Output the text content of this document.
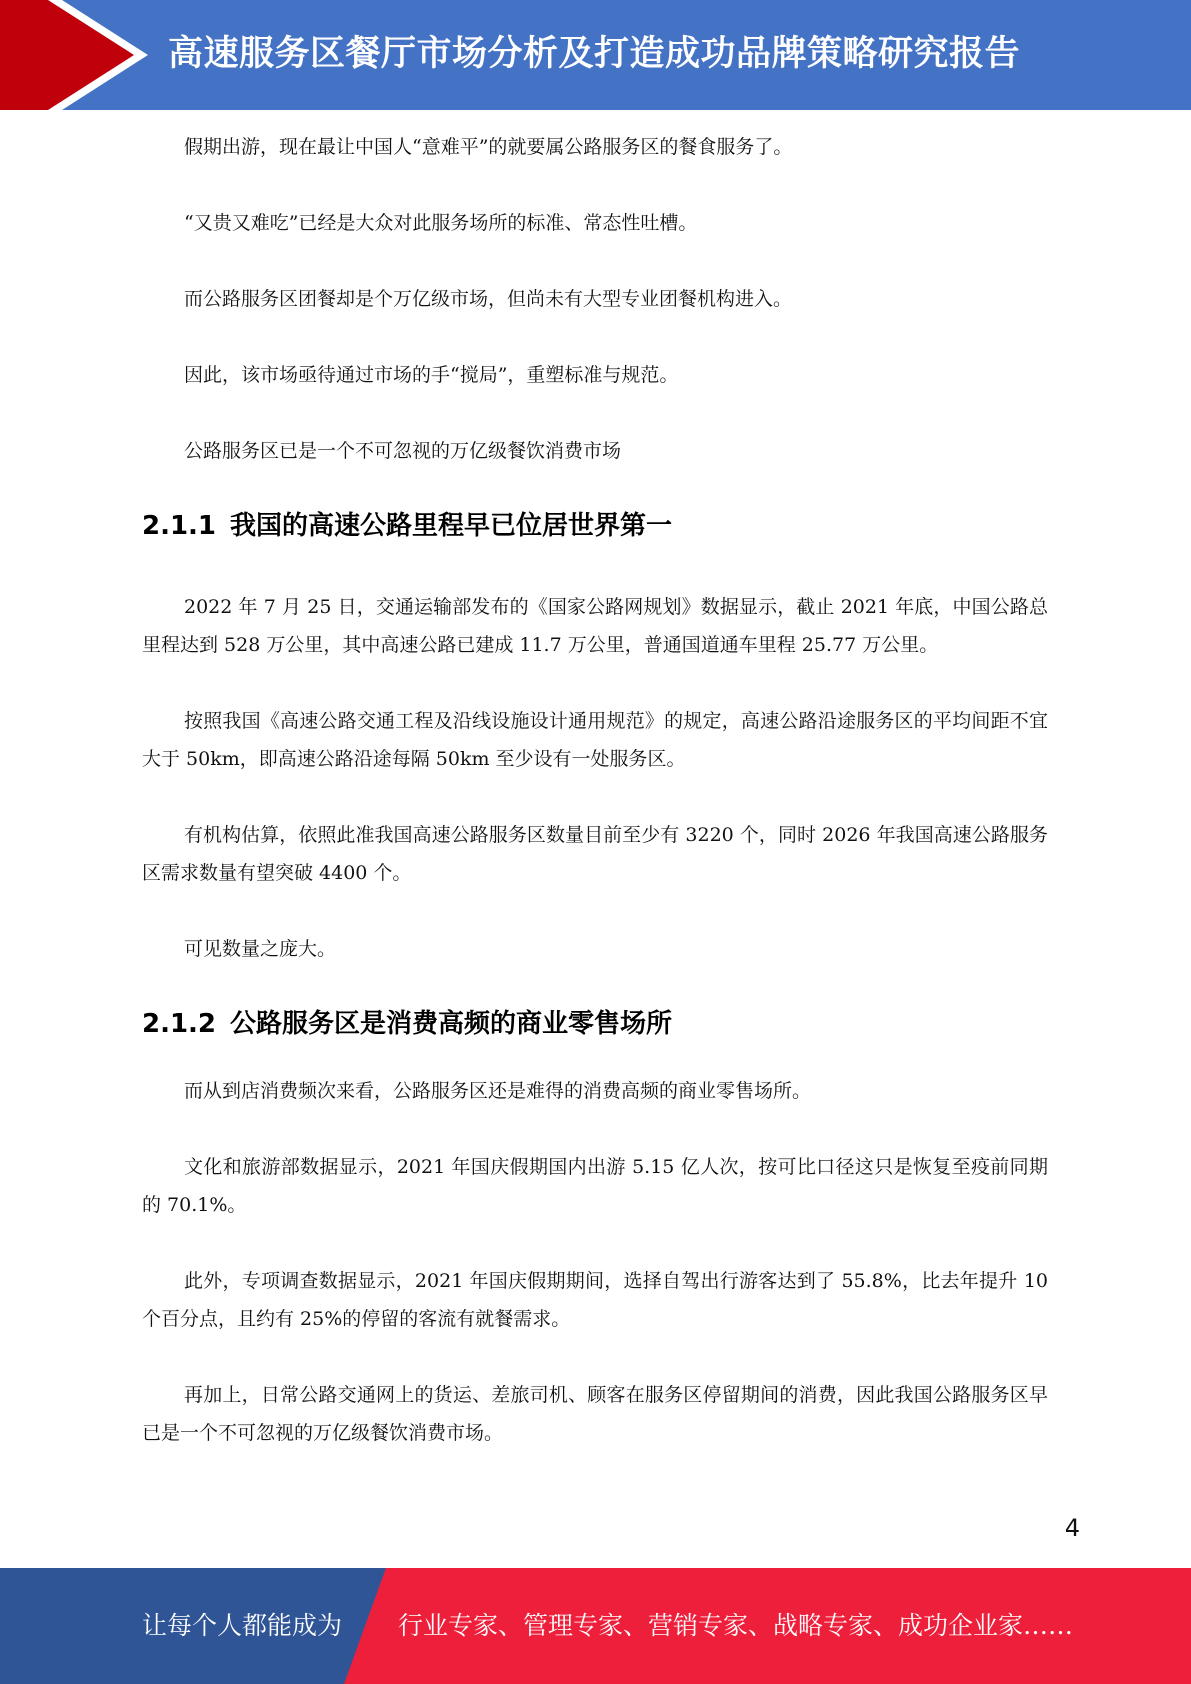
高速服务区餐厅市场分析及打造成功品牌策略研究报告

假期出游，现在最让中国人“意难平”的就要属公路服务区的餐食服务了。

“又贵又难吃”已经是大众对此服务场所的标准、常态性吐槽。

而公路服务区团餐却是个万亿级市场，但尚未有大型专业团餐机构进入。

因此，该市场亟待通过市场的手“搅局”，重塑标准与规范。

公路服务区已是一个不可忽视的万亿级餐饮消费市场

2.1.1 我国的高速公路里程早已位居世界第一

2022 年 7 月 25 日，交通运输部发布的《国家公路网规划》数据显示，截止 2021 年底，中国公路总里程达到 528 万公里，其中高速公路已建成 11.7 万公里，普通国道通车里程 25.77 万公里。

按照我国《高速公路交通工程及沿线设施设计通用规范》的规定，高速公路沿途服务区的平均间距不宜大于 50km，即高速公路沿途每隔 50km 至少设有一处服务区。

有机构估算，依照此准我国高速公路服务区数量目前至少有 3220 个，同时 2026 年我国高速公路服务区需求数量有望突破 4400 个。

可见数量之庞大。

2.1.2 公路服务区是消费高频的商业零售场所

而从到店消费频次来看，公路服务区还是难得的消费高频的商业零售场所。

文化和旅游部数据显示，2021 年国庆假期国内出游 5.15 亿人次，按可比口径这只是恢复至疫前同期的 70.1%。

此外，专项调查数据显示，2021 年国庆假期期间，选择自驾出行游客达到了 55.8%，比去年提升 10 个百分点，且约有 25%的停留的客流有就餐需求。

再加上，日常公路交通网上的货运、差旅司机、顾客在服务区停留期间的消费，因此我国公路服务区早已是一个不可忽视的万亿级餐饮消费市场。

4
让每个人都能成为 行业专家、管理专家、营销专家、战略专家、成功企业家……
